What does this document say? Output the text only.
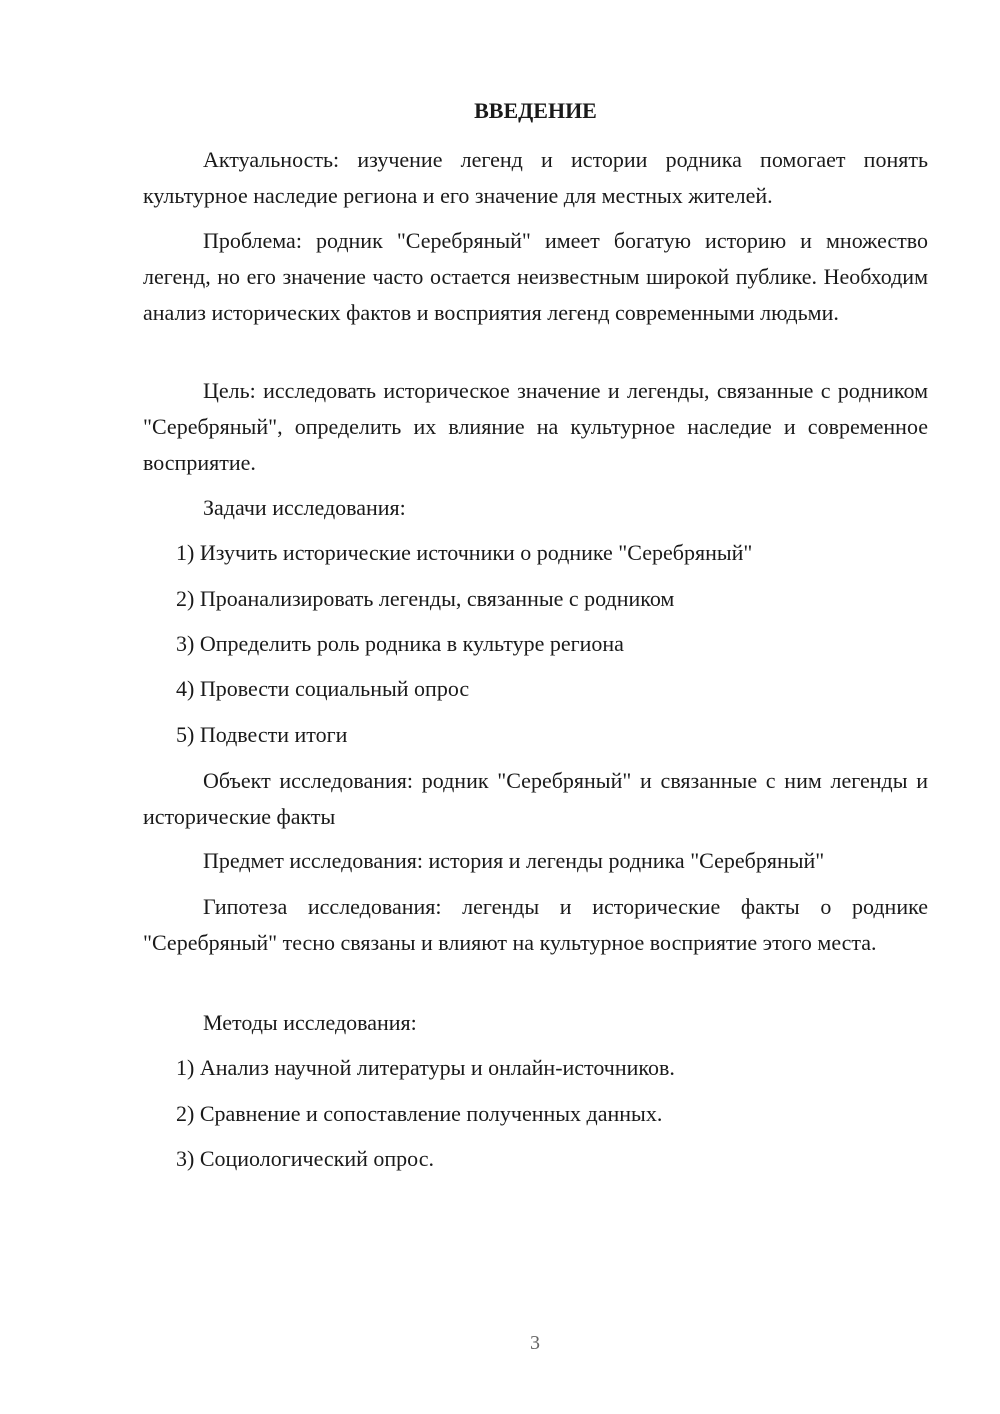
ВВЕДЕНИЕ

Актуальность: изучение легенд и истории родника помогает понять культурное наследие региона и его значение для местных жителей.

Проблема: родник "Серебряный" имеет богатую историю и множество легенд, но его значение часто остается неизвестным широкой публике. Необходим анализ исторических фактов и восприятия легенд современными людьми.

Цель: исследовать историческое значение и легенды, связанные с родником "Серебряный", определить их влияние на культурное наследие и современное восприятие.

Задачи исследования:

1) Изучить исторические источники о роднике "Серебряный"

2) Проанализировать легенды, связанные с родником

3) Определить роль родника в культуре региона

4) Провести социальный опрос

5) Подвести итоги

Объект исследования: родник "Серебряный" и связанные с ним легенды и исторические факты

Предмет исследования: история и легенды родника "Серебряный"

Гипотеза исследования: легенды и исторические факты о роднике "Серебряный" тесно связаны и влияют на культурное восприятие этого места.

Методы исследования:

1) Анализ научной литературы и онлайн-источников.

2) Сравнение и сопоставление полученных данных.

3) Социологический опрос.

3
